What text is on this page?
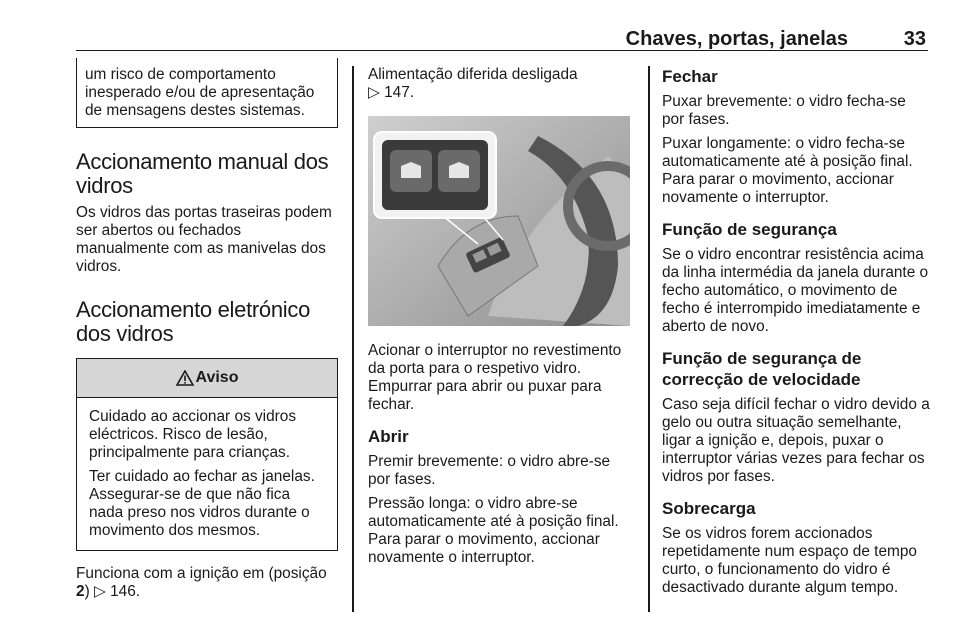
Chaves, portas, janelas	33

um risco de comportamento inesperado e/ou de apresentação de mensagens destes sistemas.

Accionamento manual dos vidros

Os vidros das portas traseiras podem ser abertos ou fechados manualmente com as manivelas dos vidros.

Accionamento eletrónico dos vidros
Aviso

Cuidado ao accionar os vidros eléctricos. Risco de lesão, principalmente para crianças.

Ter cuidado ao fechar as janelas. Assegurar-se de que não fica nada preso nos vidros durante o movimento dos mesmos.

Funciona com a ignição em (posição 2) ▷ 146.

Alimentação diferida desligada

▷ 147.

Acionar o interruptor no revestimento da porta para o respetivo vidro. Empurrar para abrir ou puxar para fechar.

Abrir

Premir brevemente: o vidro abre-se por fases.

Pressão longa: o vidro abre-se automaticamente até à posição final. Para parar o movimento, accionar novamente o interruptor.

Fechar

Puxar brevemente: o vidro fecha-se por fases.

Puxar longamente: o vidro fecha-se automaticamente até à posição final. Para parar o movimento, accionar novamente o interruptor.

Função de segurança

Se o vidro encontrar resistência acima da linha intermédia da janela durante o fecho automático, o movimento de fecho é interrompido imediatamente e aberto de novo.

Função de segurança de correcção de velocidade

Caso seja difícil fechar o vidro devido a gelo ou outra situação semelhante, ligar a ignição e, depois, puxar o interruptor várias vezes para fechar os vidros por fases.

Sobrecarga

Se os vidros forem accionados repetidamente num espaço de tempo curto, o funcionamento do vidro é desactivado durante algum tempo.
